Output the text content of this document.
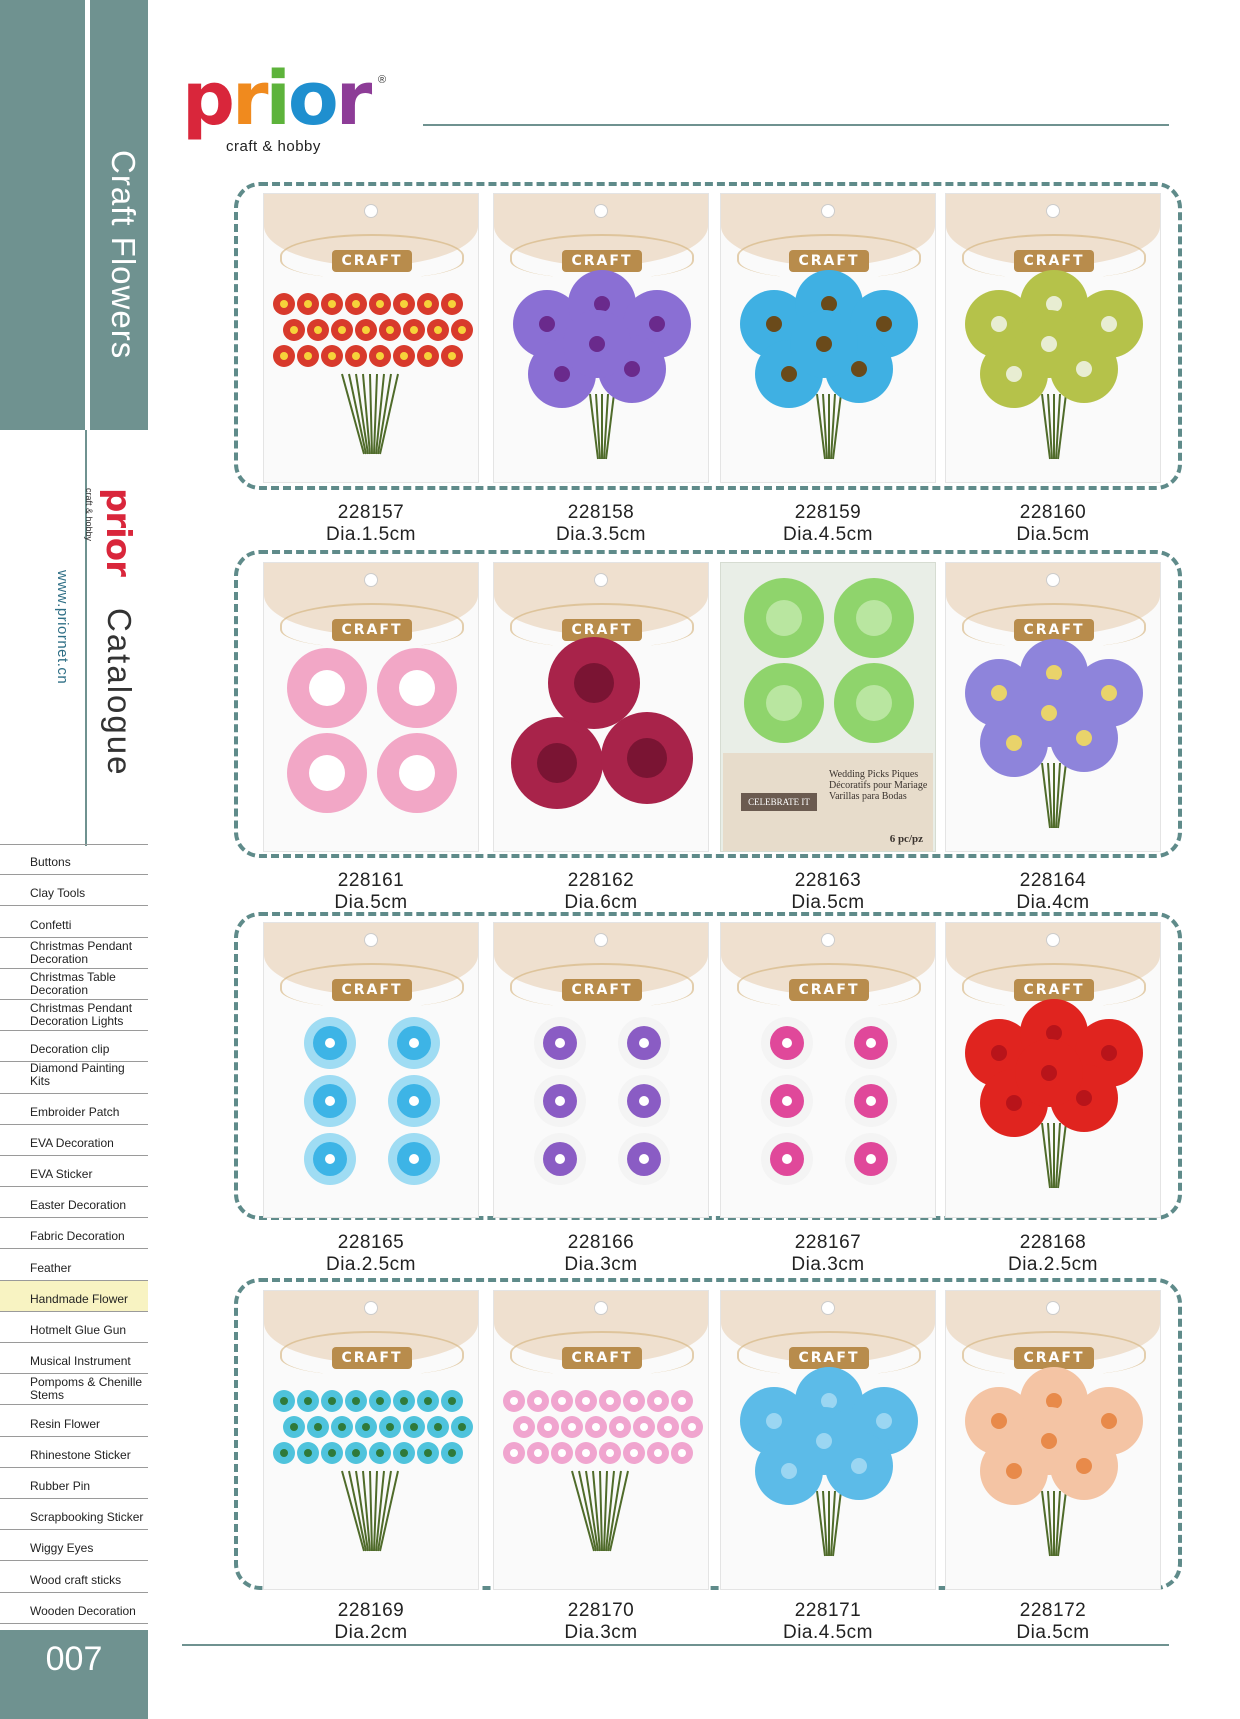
Craft Flowers
prior craft & hobby
www.priornet.cn Catalogue
Buttons
Clay Tools
Confetti
Christmas Pendant Decoration
Christmas Table Decoration
Christmas Pendant Decoration Lights
Decoration clip
Diamond Painting Kits
Embroider Patch
EVA Decoration
EVA Sticker
Easter Decoration
Fabric Decoration
Feather
Handmade Flower
Hotmelt Glue Gun
Musical Instrument
Pompoms & Chenille Stems
Resin Flower
Rhinestone Sticker
Rubber Pin
Scrapbooking Sticker
Wiggy Eyes
Wood craft sticks
Wooden Decoration
007
prior ®
craft & hobby
CRAFT
228157
Dia.1.5cm
CRAFT
228158
Dia.3.5cm
CRAFT
228159
Dia.4.5cm
CRAFT
228160
Dia.5cm
CRAFT
228161
Dia.5cm
CRAFT
228162
Dia.6cm
CELEBRATE IT
Wedding Picks Piques Décoratifs pour Mariage Varillas para Bodas
6 pc/pz
228163
Dia.5cm
CRAFT
228164
Dia.4cm
CRAFT
228165
Dia.2.5cm
CRAFT
228166
Dia.3cm
CRAFT
228167
Dia.3cm
CRAFT
228168
Dia.2.5cm
CRAFT
228169
Dia.2cm
CRAFT
228170
Dia.3cm
CRAFT
228171
Dia.4.5cm
CRAFT
228172
Dia.5cm
